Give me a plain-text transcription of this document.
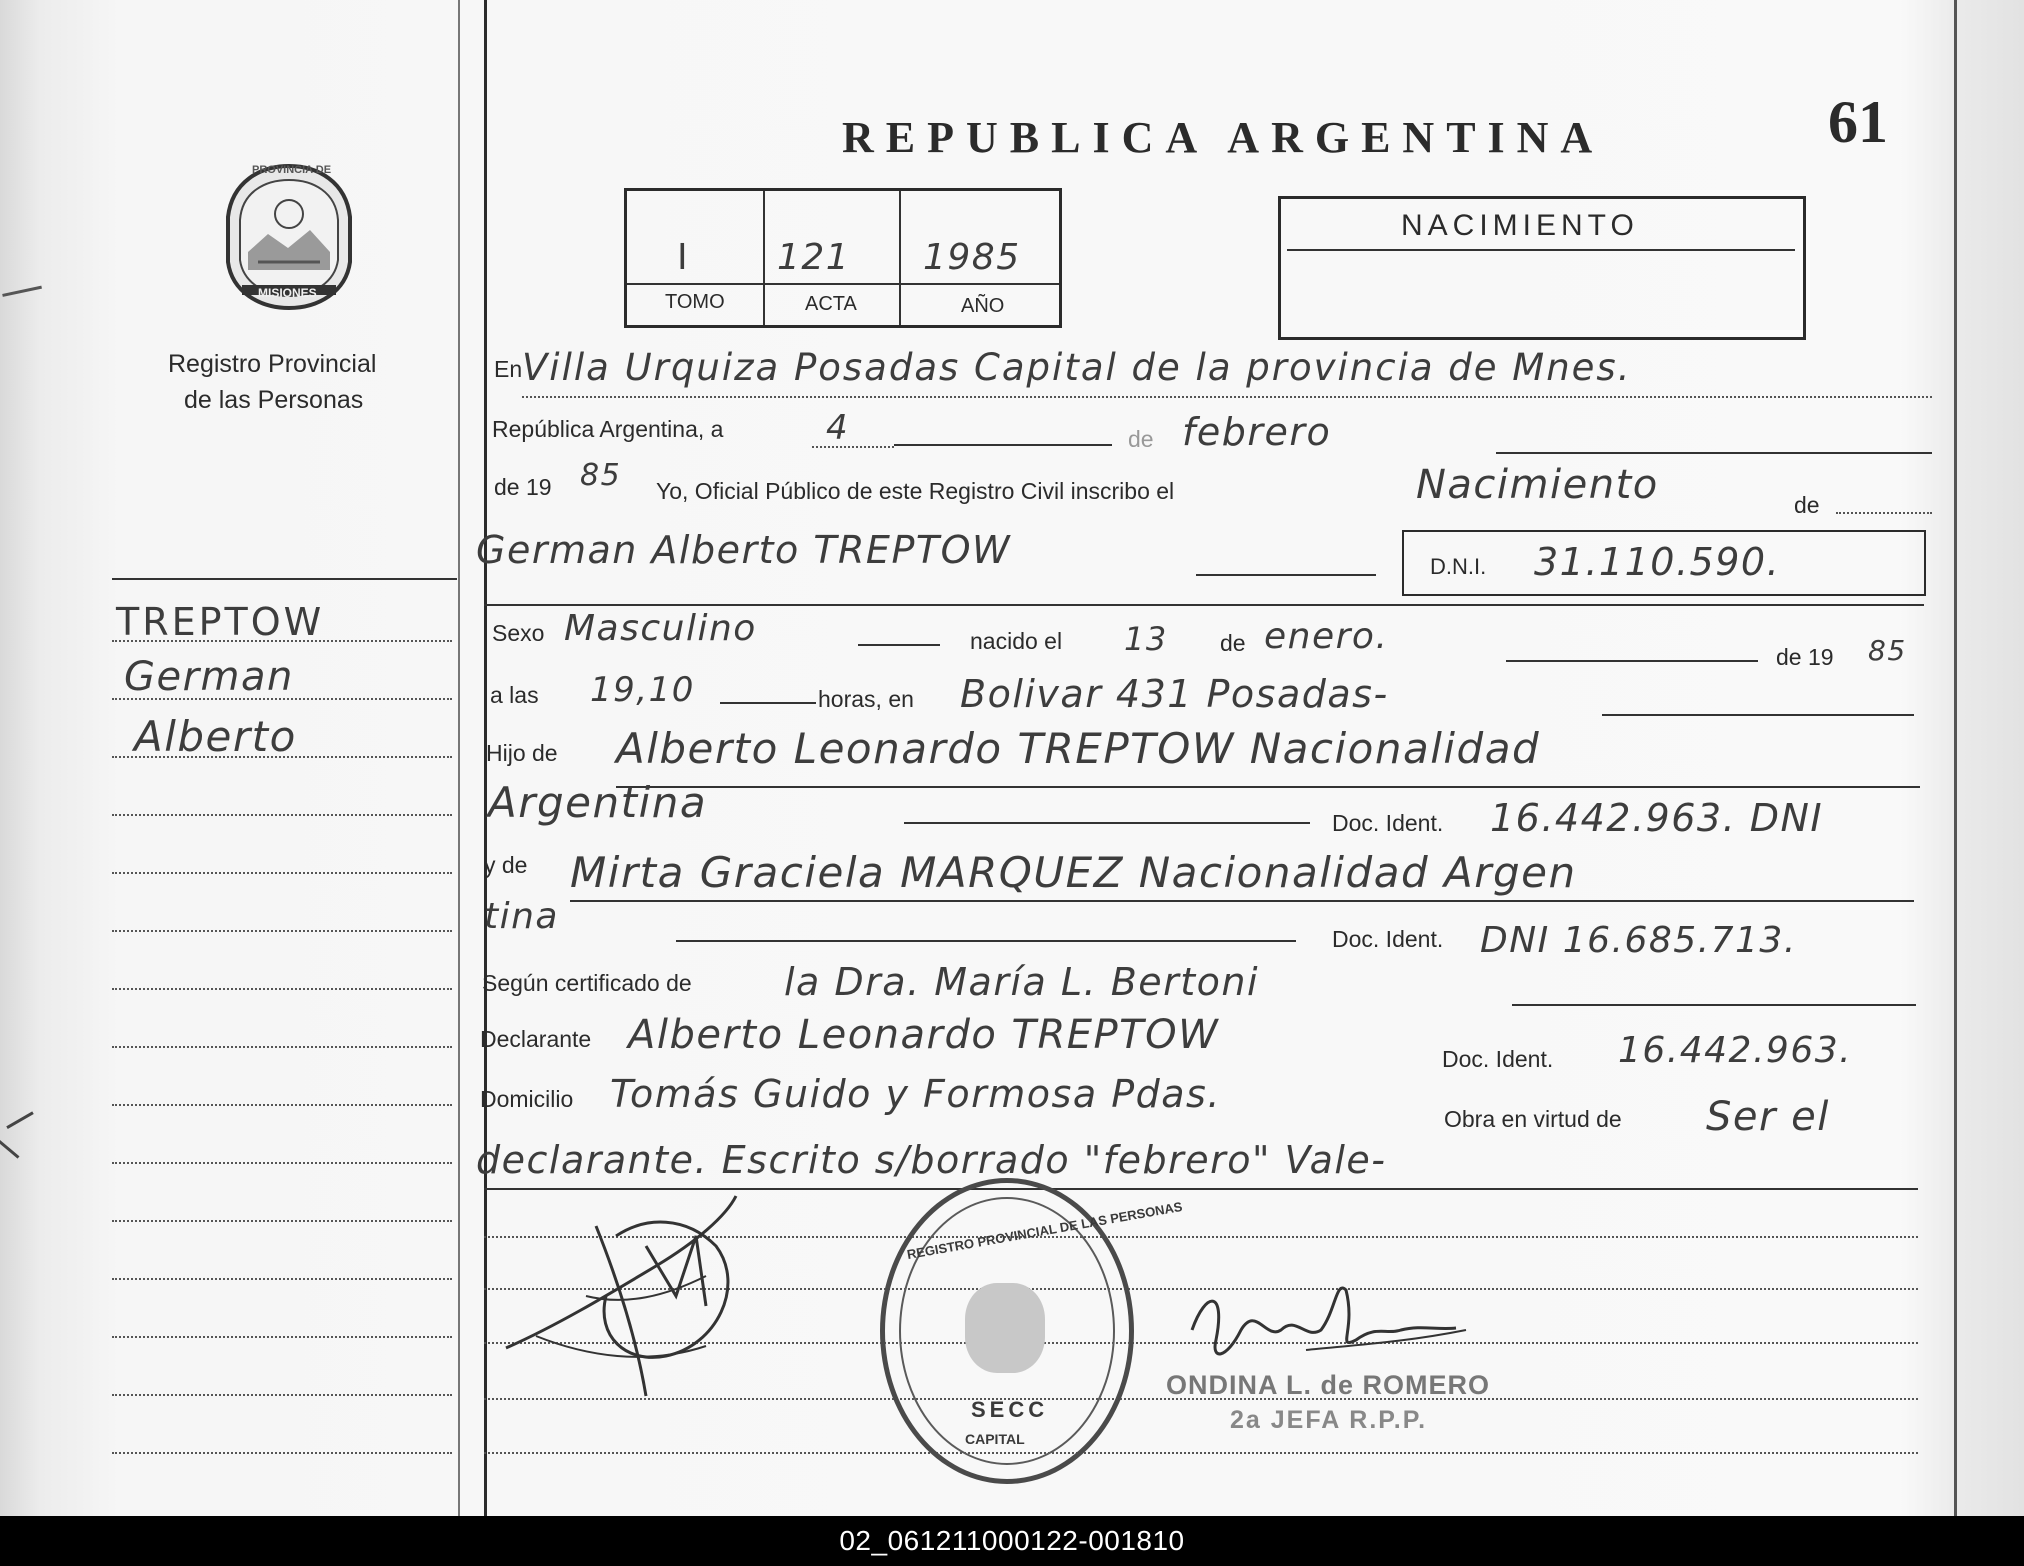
PROVINCIA DE
MISIONES
Registro Provincial
de las Personas
TREPTOW
German
Alberto
REPUBLICA ARGENTINA	61
I 121 1985
TOMO	ACTA	AÑO
NACIMIENTO
En Villa Urquiza Posadas Capital de la provincia de Mnes.
República Argentina, a	4	de febrero
de 19 85 Yo, Oficial Público de este Registro Civil inscribo el	Nacimiento	de
German Alberto TREPTOW	D.N.I. 31.110.590.
Sexo Masculino	nacido el 13 de enero.	de 19 85
a las 19,10	horas, en Bolivar 431 Posadas-
Hijo de Alberto Leonardo TREPTOW Nacionalidad
Argentina	Doc. Ident. 16.442.963. DNI
y de Mirta Graciela MARQUEZ Nacionalidad Argen
tina
Doc. Ident. DNI 16.685.713.
Según certificado de la Dra. María L. Bertoni
Declarante Alberto Leonardo TREPTOW
Doc. Ident. 16.442.963.
Domicilio Tomás Guido y Formosa Pdas.
Obra en virtud de Ser el
declarante. Escrito s/borrado "febrero" Vale-
REGISTRO PROVINCIAL DE LAS PERSONAS
SECC
CAPITAL
ONDINA L. de ROMERO
2a JEFA R.P.P.
02_061211000122-001810
